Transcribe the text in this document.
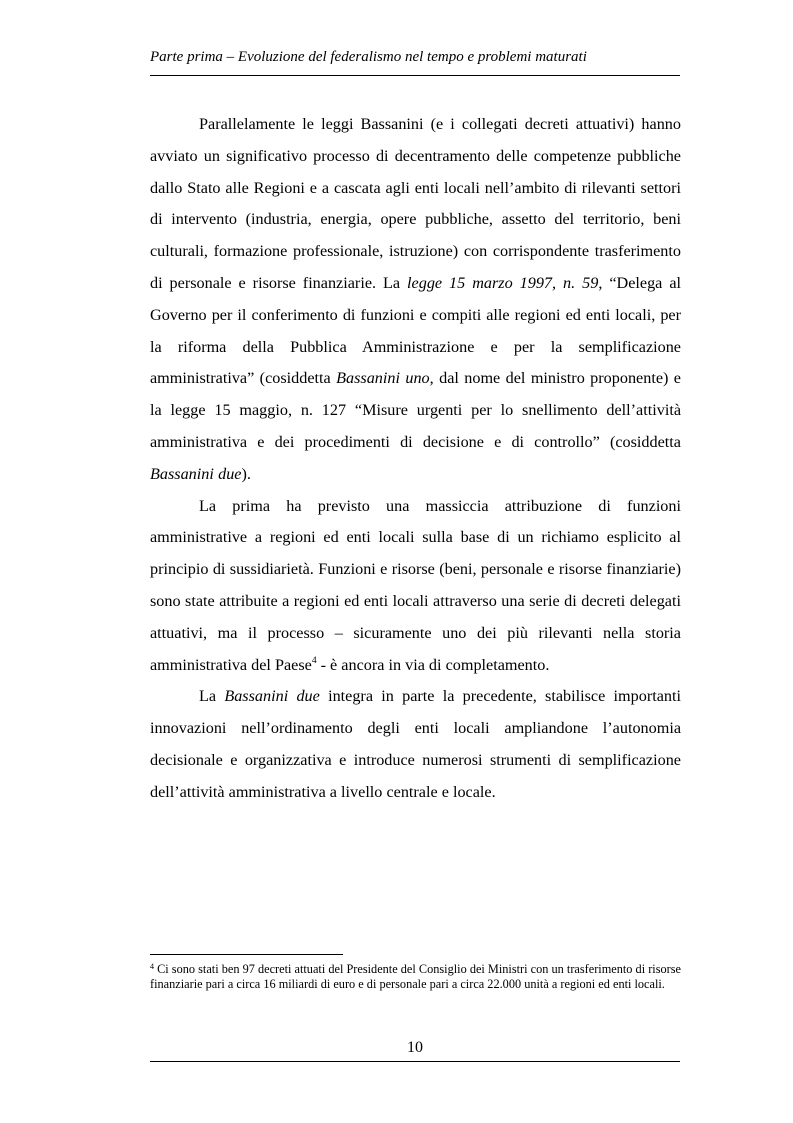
Parte prima – Evoluzione del federalismo nel tempo e problemi maturati

Parallelamente le leggi Bassanini (e i collegati decreti attuativi) hanno avviato un significativo processo di decentramento delle competenze pubbliche dallo Stato alle Regioni e a cascata agli enti locali nell’ambito di rilevanti settori di intervento (industria, energia, opere pubbliche, assetto del territorio, beni culturali, formazione professionale, istruzione) con corrispondente trasferimento di personale e risorse finanziarie. La legge 15 marzo 1997, n. 59, “Delega al Governo per il conferimento di funzioni e compiti alle regioni ed enti locali, per la riforma della Pubblica Amministrazione e per la semplificazione amministrativa” (cosiddetta Bassanini uno, dal nome del ministro proponente) e la legge 15 maggio, n. 127 “Misure urgenti per lo snellimento dell’attività amministrativa e dei procedimenti di decisione e di controllo” (cosiddetta Bassanini due).

La prima ha previsto una massiccia attribuzione di funzioni amministrative a regioni ed enti locali sulla base di un richiamo esplicito al principio di sussidiarietà. Funzioni e risorse (beni, personale e risorse finanziarie) sono state attribuite a regioni ed enti locali attraverso una serie di decreti delegati attuativi, ma il processo – sicuramente uno dei più rilevanti nella storia amministrativa del Paese$^4$ - è ancora in via di completamento.

La Bassanini due integra in parte la precedente, stabilisce importanti innovazioni nell’ordinamento degli enti locali ampliandone l’autonomia decisionale e organizzativa e introduce numerosi strumenti di semplificazione dell’attività amministrativa a livello centrale e locale.

$^4$ Ci sono stati ben 97 decreti attuati del Presidente del Consiglio dei Ministri con un trasferimento di risorse finanziarie pari a circa 16 miliardi di euro e di personale pari a circa 22.000 unità a regioni ed enti locali.

10
